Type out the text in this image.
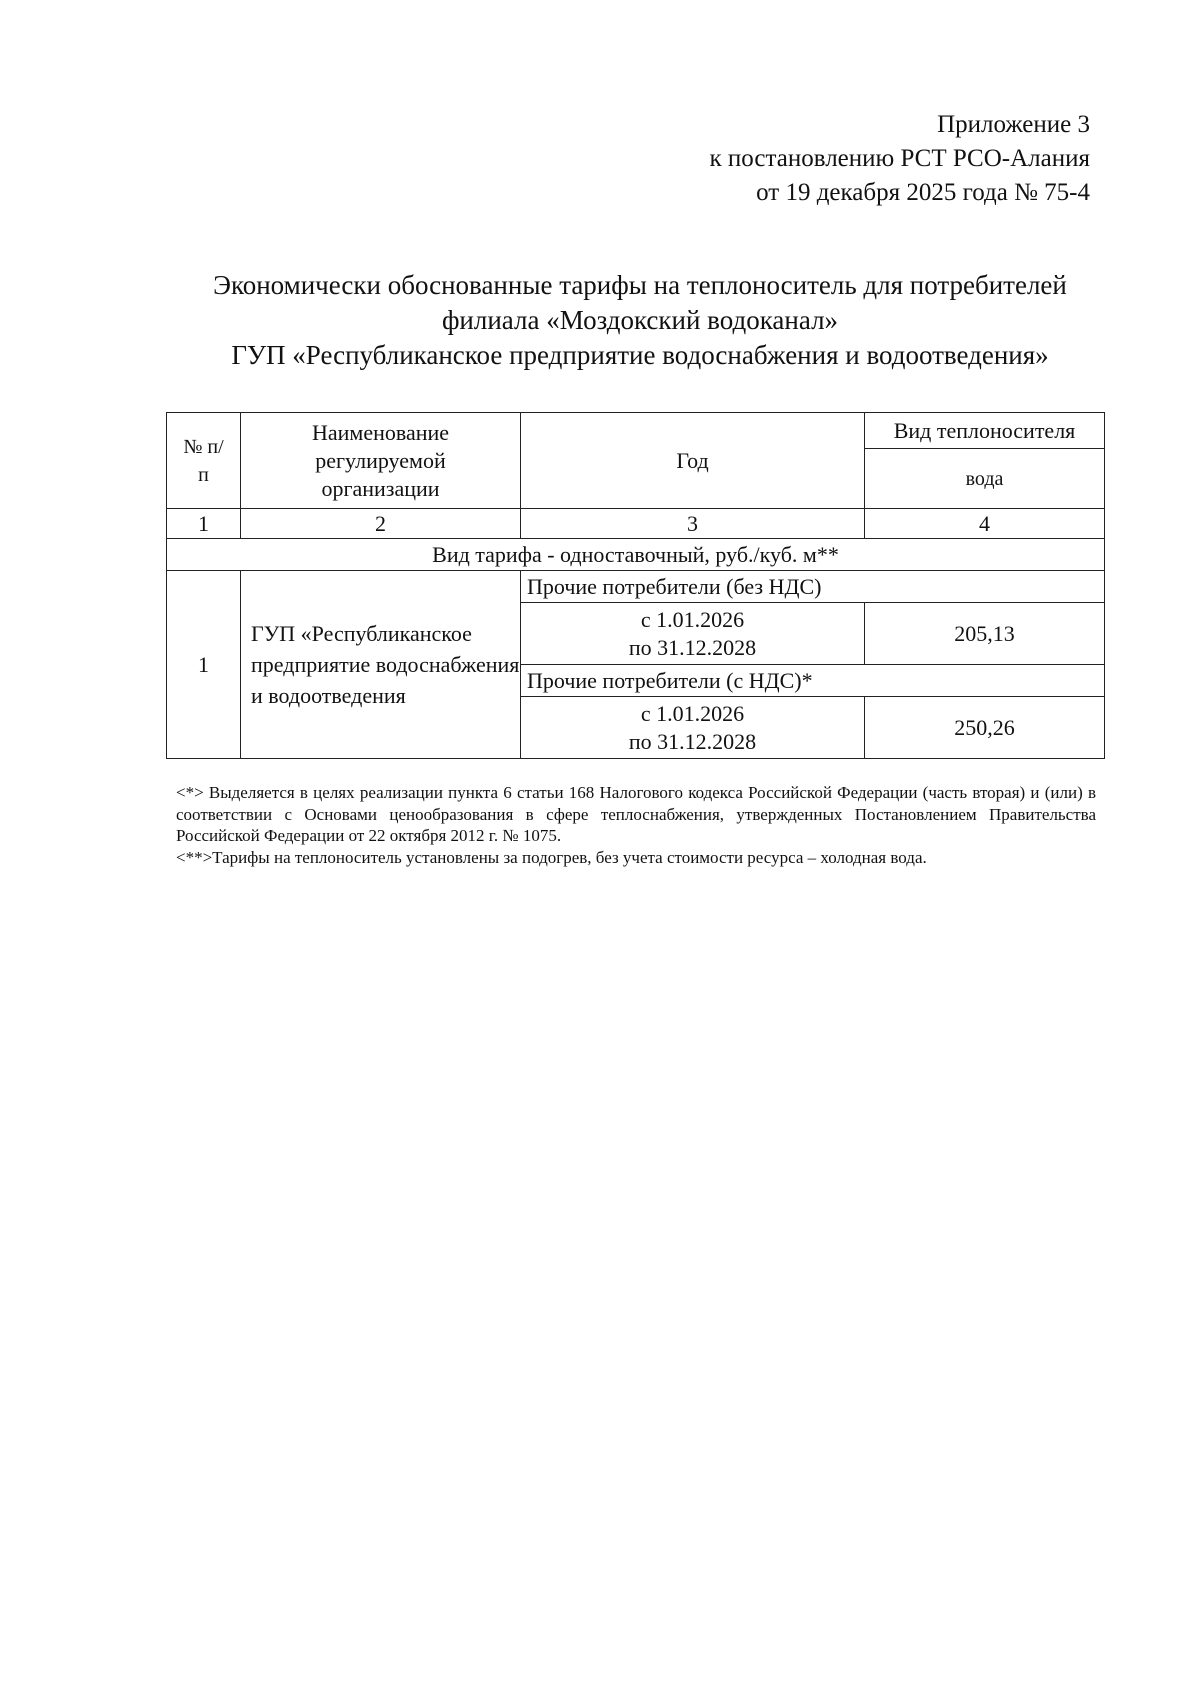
Приложение 3
к постановлению РСТ РСО-Алания
от 19 декабря 2025 года № 75-4
Экономически обоснованные тарифы на теплоноситель для потребителей
филиала «Моздокский водоканал»
ГУП «Республиканское предприятие водоснабжения и водоотведения»
№ п/п	Наименование регулируемой организации	Год	Вид теплоносителя
			вода
1	2	3	4
Вид тарифа - одноставочный, руб./куб. м**			
1	ГУП «Республиканское предприятие водоснабжения и водоотведения	Прочие потребители (без НДС)	

		с 1.01.2026
по 31.12.2028	205,13
		Прочие потребители (с НДС)*	

		с 1.01.2026
по 31.12.2028	250,26

<*> Выделяется в целях реализации пункта 6 статьи 168 Налогового кодекса Российской Федерации (часть вторая) и (или) в соответствии с Основами ценообразования в сфере теплоснабжения, утвержденных Постановлением Правительства Российской Федерации от 22 октября 2012 г. № 1075.

<**>Тарифы на теплоноситель установлены за подогрев, без учета стоимости ресурса – холодная вода.
